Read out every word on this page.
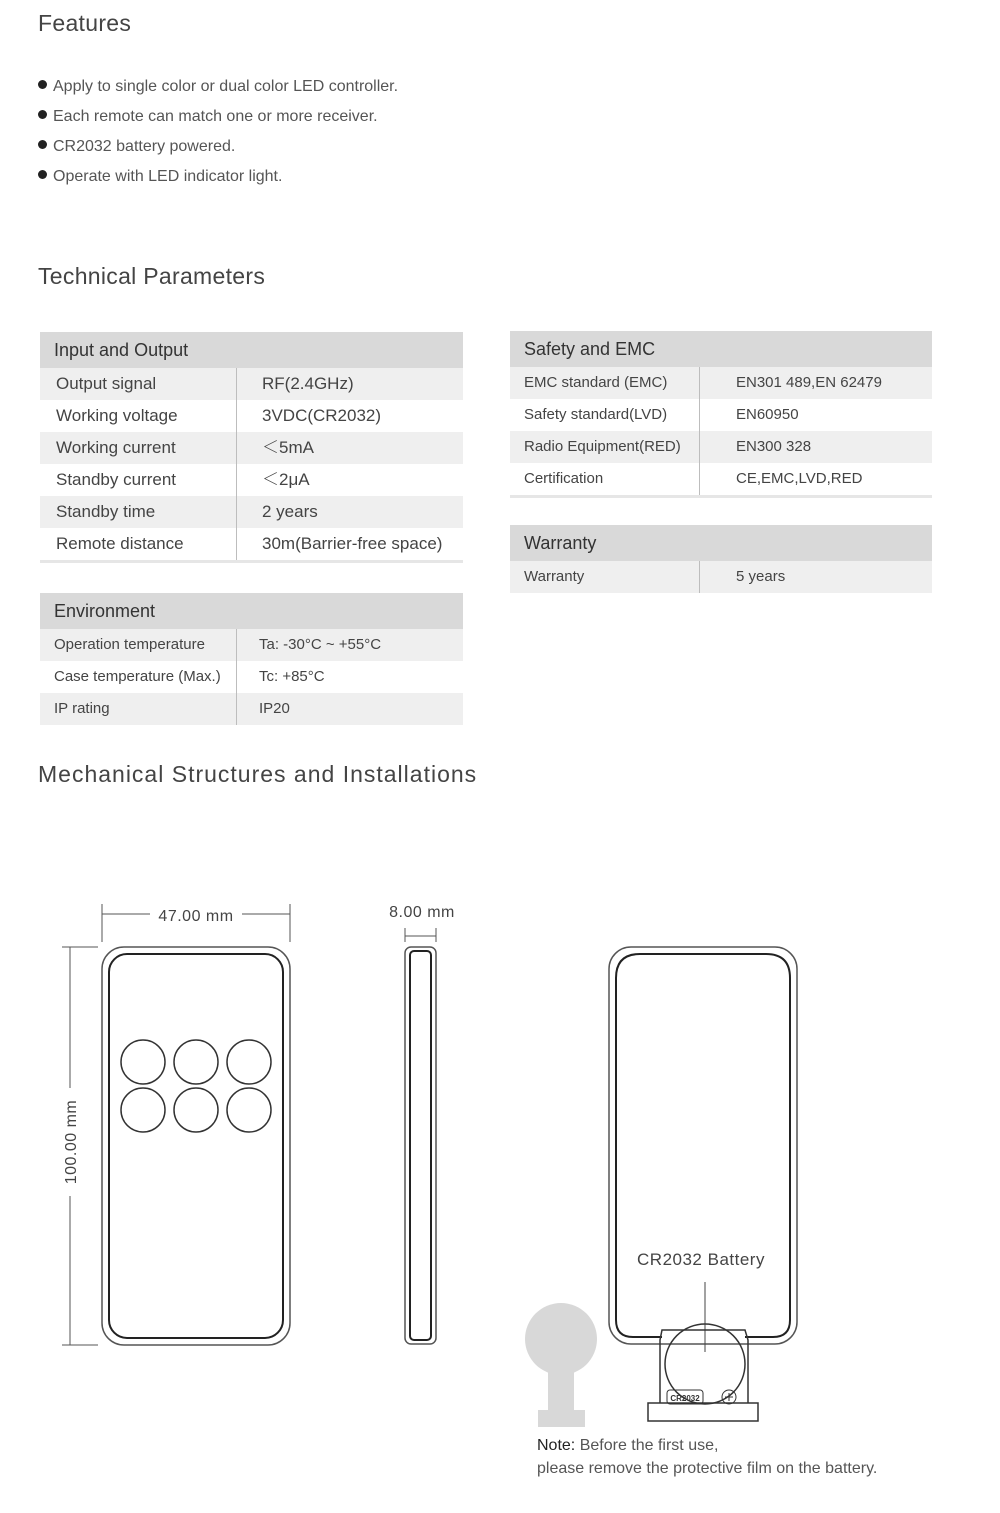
Features
Apply to single color or dual color LED controller.
Each remote can match one or more receiver.
CR2032 battery powered.
Operate with LED indicator light.
Technical Parameters
Input and Output
Output signal	RF(2.4GHz)
Working voltage	3VDC(CR2032)
Working current	＜5mA
Standby current	＜2μA
Standby time	2 years
Remote distance	30m(Barrier-free space)
Environment
Operation temperature	Ta: -30°C ~ +55°C
Case temperature (Max.)	Tc: +85°C
IP rating	IP20
Safety and EMC
EMC standard (EMC)	EN301 489,EN 62479
Safety standard(LVD)	EN60950
Radio Equipment(RED)	EN300 328
Certification	CE,EMC,LVD,RED
Warranty
Warranty	5 years
Mechanical Structures and Installations
47.00 mm
100.00 mm
8.00 mm
CR2032 Battery
CR2032
Note: Before the first use,
please remove the protective film on the battery.
